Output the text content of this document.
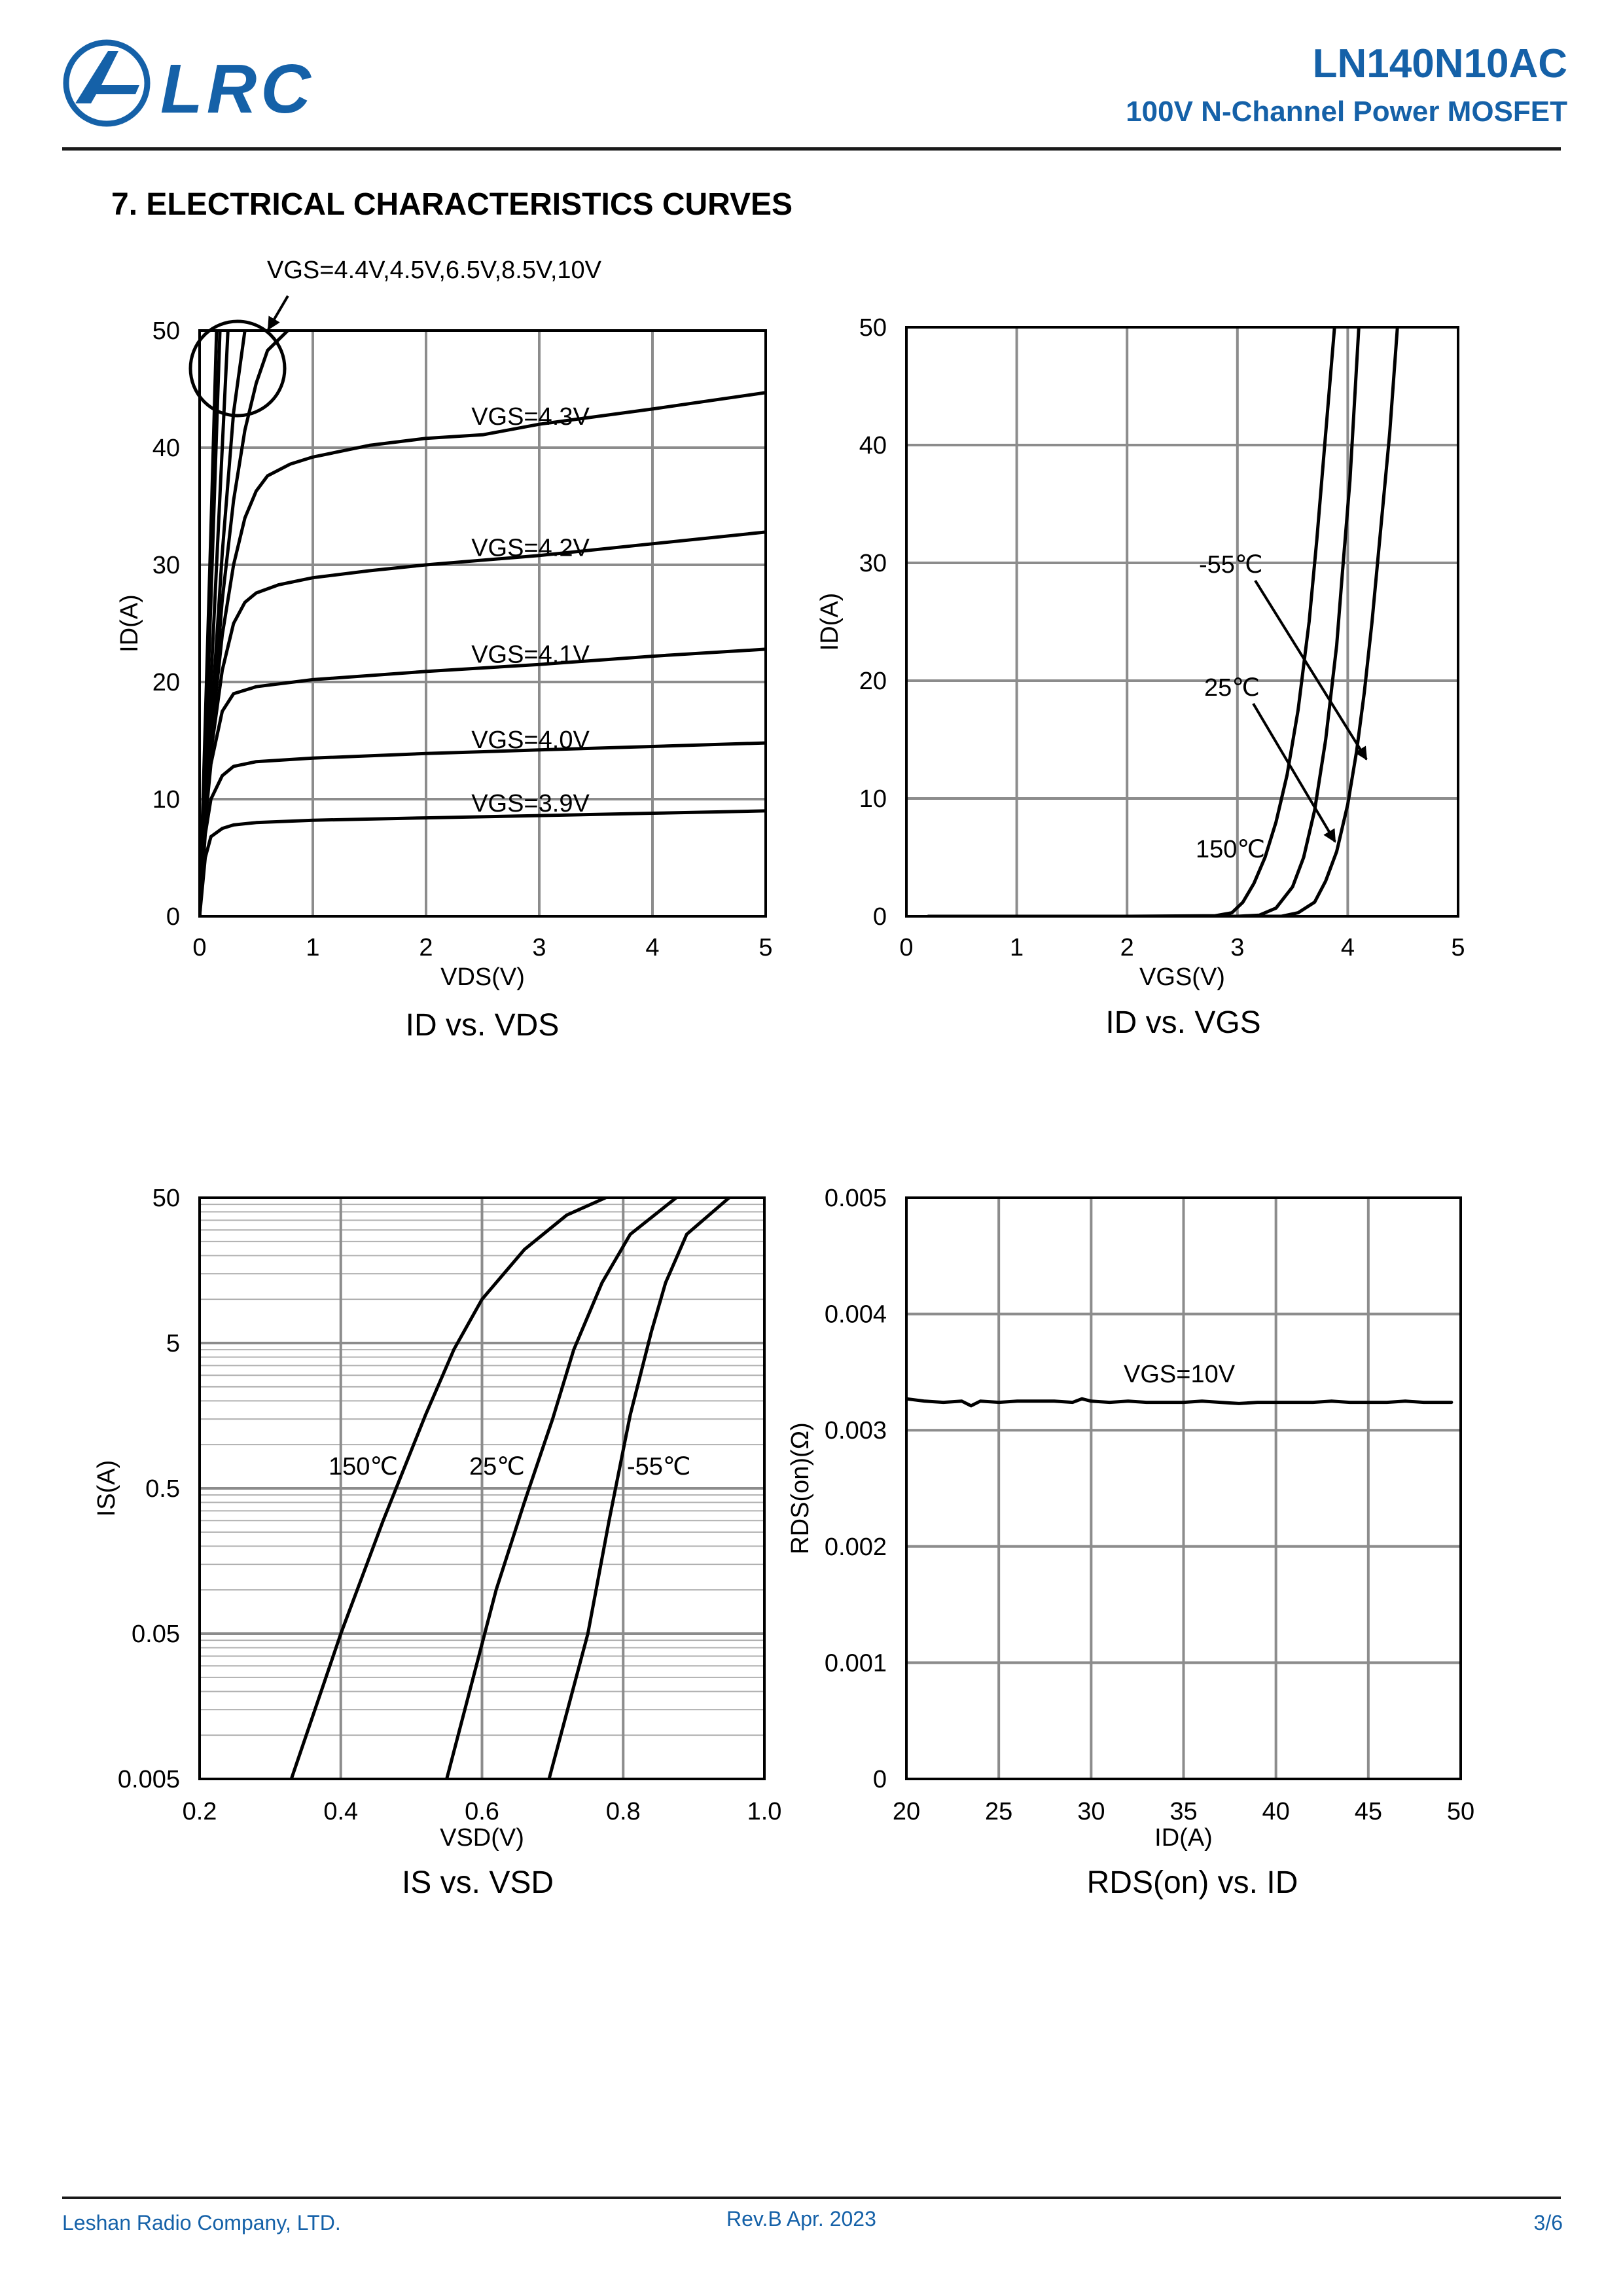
LRC	LN140N10AC
100V N-Channel Power MOSFET
7. ELECTRICAL CHARACTERISTICS CURVES
0	1	2	3	4	5
0
10
20
30
40
50
VDS(V)
ID(A)
ID vs. VDS
VGS=4.3V
VGS=4.2V
VGS=4.1V
VGS=4.0V
VGS=3.9V
VGS=4.4V,4.5V,6.5V,8.5V,10V
0	1	2	3	4	5
0
10
20
30
40
50
VGS(V)
ID(A)
ID vs. VGS
-55℃
25℃
150℃
0.2	0.4	0.6	0.8	1.0
0.005
0.05
0.5
5
50
VSD(V)
IS(A)
IS vs. VSD
150℃	25℃	-55℃
20	25	30	35	40	45	50
0
0.001
0.002
0.003
0.004
0.005
ID(A)
RDS(on)(Ω)
RDS(on) vs. ID
VGS=10V
Leshan Radio Company, LTD.	Rev.B Apr. 2023	3/6
